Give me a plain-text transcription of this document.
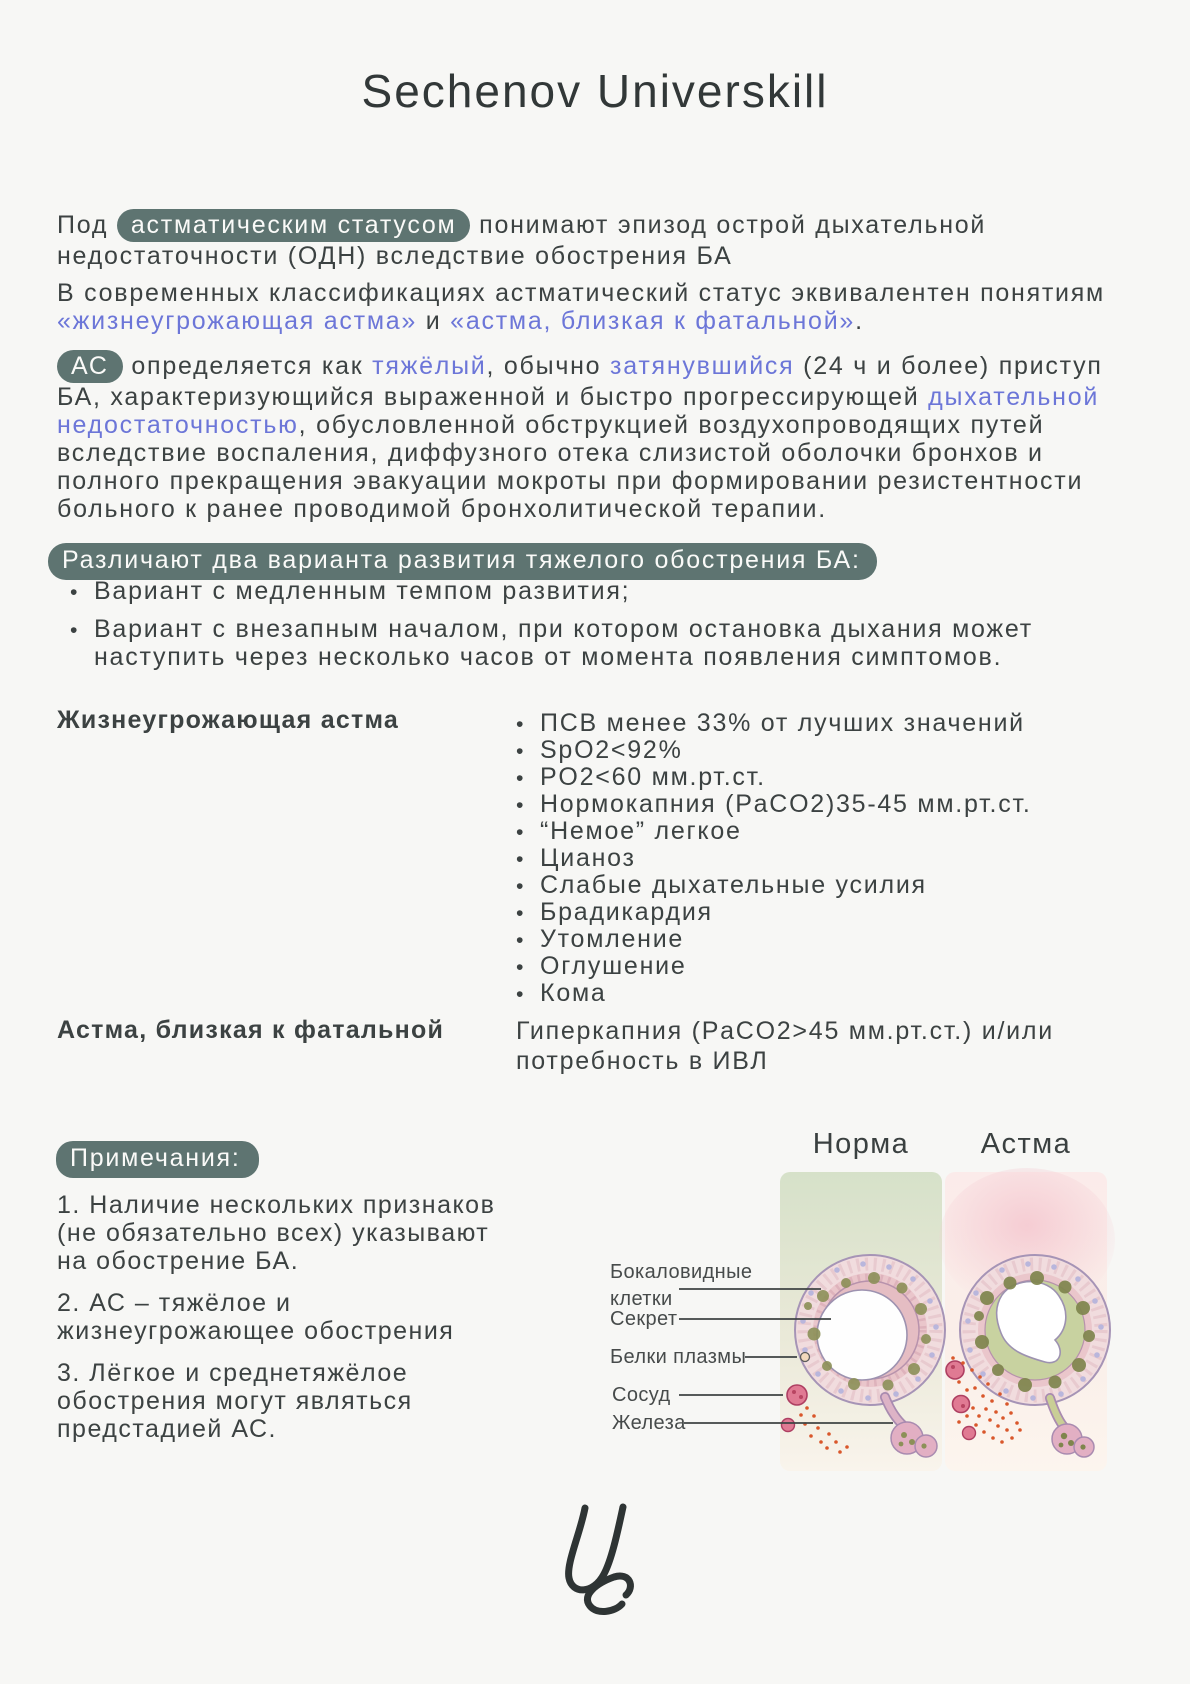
Sechenov Universkill

Под астматическим статусом понимают эпизод острой дыхательной недостаточности (ОДН) вследствие обострения БА

В современных классификациях астматический статус эквивалентен понятиям «жизнеугрожающая астма» и «астма, близкая к фатальной».

АС определяется как тяжёлый, обычно затянувшийся (24 ч и более) приступ БА, характеризующийся выраженной и быстро прогрессирующей дыхательной недостаточностью, обусловленной обструкцией воздухопроводящих путей вследствие воспаления, диффузного отека слизистой оболочки бронхов и полного прекращения эвакуации мокроты при формировании резистентности больного к ранее проводимой бронхолитической терапии.

Различают два варианта развития тяжелого обострения БА:
• Вариант с медленным темпом развития;
• Вариант с внезапным началом, при котором остановка дыхания может наступить через несколько часов от момента появления симптомов.
Жизнеугрожающая астма	• ПСВ менее 33% от лучших значений
• SpO2<92%
• PO2<60 мм.рт.ст.
• Нормокапния (PaCO2)35-45 мм.рт.ст.
• “Немое” легкое
• Цианоз
• Слабые дыхательные усилия
• Брадикардия
• Утомление
• Оглушение
• Кома
Астма, близкая к фатальной	Гиперкапния (PaCO2>45 мм.рт.ст.) и/или потребность в ИВЛ
Примечания:

1. Наличие нескольких признаков (не обязательно всех) указывают на обострение БА.

2. АС – тяжёлое и жизнеугрожающее обострения

3. Лёгкое и среднетяжёлое обострения могут являться предстадией АС.

Норма	Астма
Бокаловидные клетки
Секрет
Белки плазмы
Сосуд
Железа
